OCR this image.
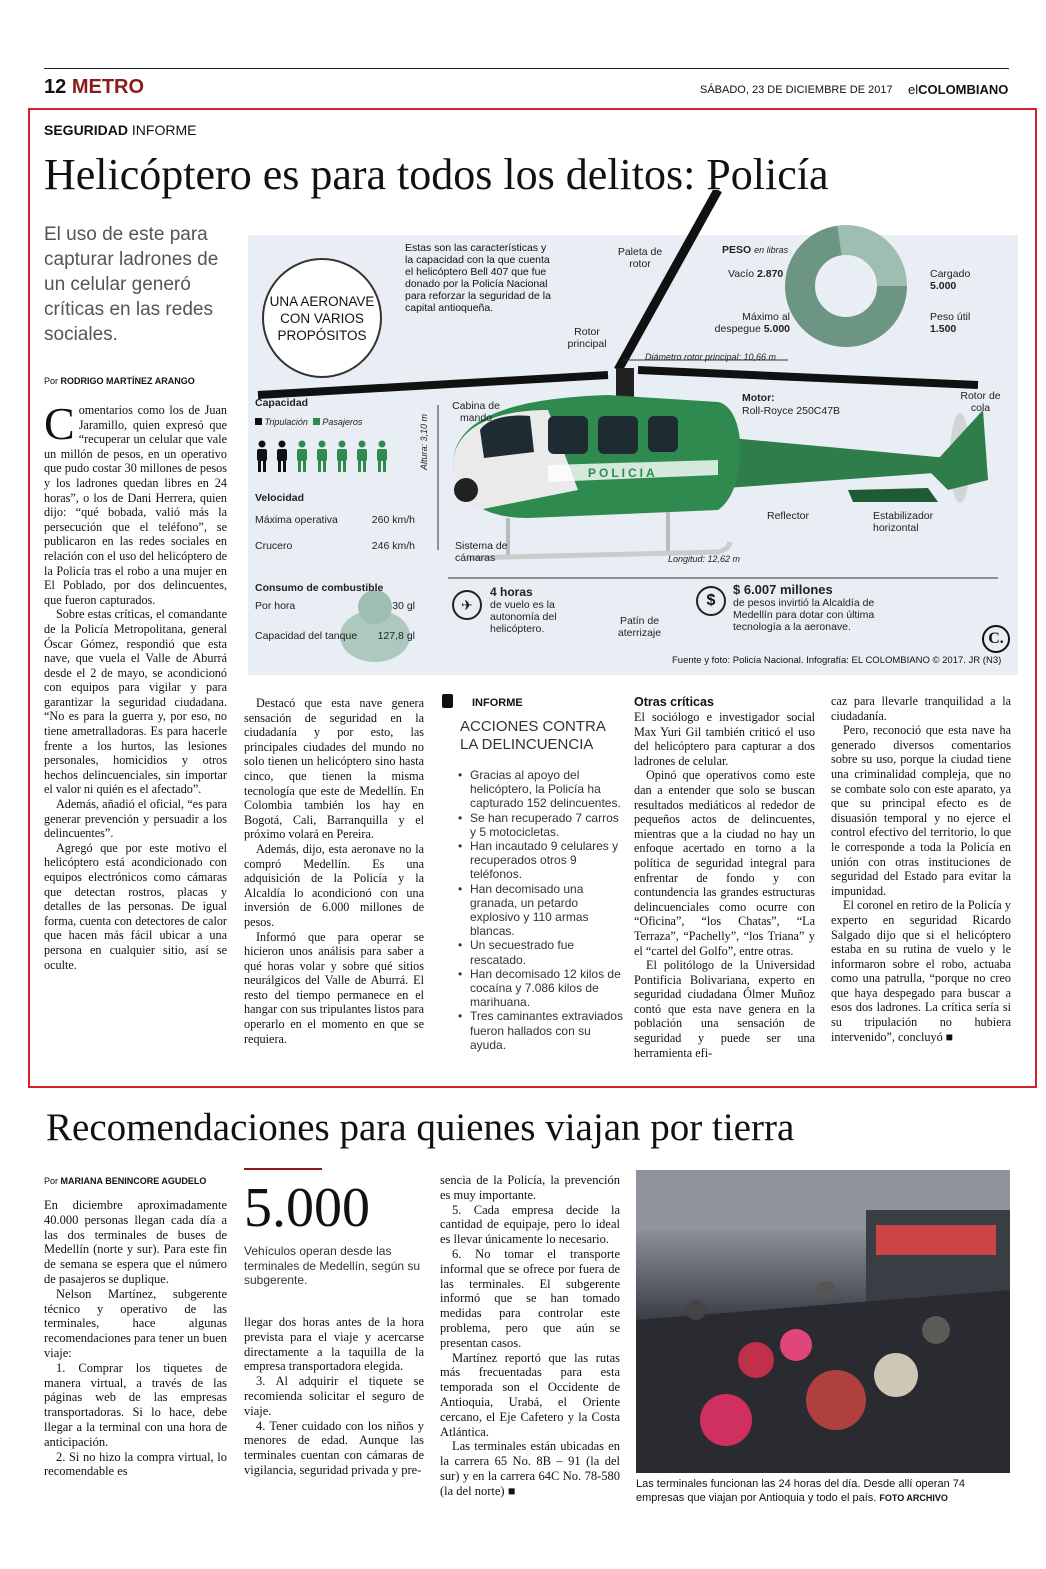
12 METRO	SÁBADO, 23 DE DICIEMBRE DE 2017 elCOLOMBIANO
SEGURIDAD INFORME
Helicóptero es para todos los delitos: Policía
El uso de este para capturar ladrones de un celular generó críticas en las redes sociales.
Por RODRIGO MARTÍNEZ ARANGO
POLICIA
UNA AERONAVE CON VARIOS PROPÓSITOS
Estas son las características y la capacidad con la que cuenta el helicóptero Bell 407 que fue donado por la Policía Nacional para reforzar la seguridad de la capital antioqueña.
Paleta de rotor
Rotor principal
Diámetro rotor principal: 10,66 m
Cabina de mando
Motor:
Roll-Royce 250C47B
Rotor de cola
Reflector	Estabilizador horizontal
Sistema de cámaras	Longitud: 12,62 m
Altura: 3,10 m
Patín de aterrizaje
PESO en libras
Vacío 2.870
Máximo al despegue 5.000
Cargado
5.000
Peso útil
1.500
Capacidad
Tripulación Pasajeros
Velocidad
Máxima operativa	260 km/h
Crucero	246 km/h
Consumo de combustible
Por hora	30 gl
Capacidad del tanque 127,8 gl
✈
4 horas
de vuelo es la autonomía del helicóptero.
$
$ 6.007 millones
de pesos invirtió la Alcaldía de Medellín para dotar con última tecnología a la aeronave.
C.
Fuente y foto: Policía Nacional. Infografía: EL COLOMBIANO © 2017. JR (N3)

Comentarios como los de Juan Jaramillo, quien expresó que “recuperar un celular que vale un millón de pesos, en un operativo que pudo costar 30 millones de pesos y los ladrones quedan libres en 24 horas”, o los de Dani Herrera, quien dijo: “qué bobada, valió más la persecución que el teléfono”, se publicaron en las redes sociales en relación con el uso del helicóptero de la Policía tras el robo a una mujer en El Poblado, por dos delincuentes, que fueron capturados.

Sobre estas críticas, el comandante de la Policía Metropolitana, general Óscar Gómez, respondió que esta nave, que vuela el Valle de Aburrá desde el 2 de mayo, se acondicionó con equipos para vigilar y para garantizar la seguridad ciudadana. “No es para la guerra y, por eso, no tiene ametralladoras. Es para hacerle frente a los hurtos, las lesiones personales, homicidios y otros hechos delincuenciales, sin importar el valor ni quién es el afectado”.

Además, añadió el oficial, “es para generar prevención y persuadir a los delincuentes”.

Agregó que por este motivo el helicóptero está acondicionado con equipos electrónicos como cámaras que detectan rostros, placas y detalles de las personas. De igual forma, cuenta con detectores de calor que hacen más fácil ubicar a una persona en cualquier sitio, así se oculte.

Destacó que esta nave genera sensación de seguridad en la ciudadanía y por esto, las principales ciudades del mundo no solo tienen un helicóptero sino hasta cinco, que tienen la misma tecnología que este de Medellín. En Colombia también los hay en Bogotá, Cali, Barranquilla y el próximo volará en Pereira.

Además, dijo, esta aeronave no la compró Medellín. Es una adquisición de la Policía y la Alcaldía lo acondicionó con una inversión de 6.000 millones de pesos.

Informó que para operar se hicieron unos análisis para saber a qué horas volar y sobre qué sitios neurálgicos del Valle de Aburrá. El resto del tiempo permanece en el hangar con sus tripulantes listos para operarlo en el momento en que se requiera.

INFORME
ACCIONES CONTRA LA DELINCUENCIA
• Gracias al apoyo del helicóptero, la Policía ha capturado 152 delincuentes.
• Se han recuperado 7 carros y 5 motocicletas.
• Han incautado 9 celulares y recuperados otros 9 teléfonos.
• Han decomisado una granada, un petardo explosivo y 110 armas blancas.
• Un secuestrado fue rescatado.
• Han decomisado 12 kilos de cocaína y 7.086 kilos de marihuana.
• Tres caminantes extraviados fueron hallados con su ayuda.
Otras críticas

El sociólogo e investigador social Max Yuri Gil también criticó el uso del helicóptero para capturar a dos ladrones de celular.

Opinó que operativos como este dan a entender que solo se buscan resultados mediáticos al rededor de pequeños actos de delincuentes, mientras que a la ciudad no hay un enfoque acertado en torno a la política de seguridad integral para enfrentar de fondo y con contundencia las grandes estructuras delincuenciales como ocurre con “Oficina”, “los Chatas”, “La Terraza”, “Pachelly”, “los Triana” y el “cartel del Golfo”, entre otras.

El politólogo de la Universidad Pontificia Bolivariana, experto en seguridad ciudadana Ólmer Muñoz contó que esta nave genera en la población una sensación de seguridad y puede ser una herramienta efi-

caz para llevarle tranquilidad a la ciudadanía.

Pero, reconoció que esta nave ha generado diversos comentarios sobre su uso, porque la ciudad tiene una criminalidad compleja, que no se combate solo con este aparato, ya que su principal efecto es de disuasión temporal y no ejerce el control efectivo del territorio, lo que le corresponde a toda la Policía en unión con otras instituciones de seguridad del Estado para evitar la impunidad.

El coronel en retiro de la Policía y experto en seguridad Ricardo Salgado dijo que si el helicóptero estaba en su rutina de vuelo y le informaron sobre el robo, actuaba como una patrulla, “porque no creo que haya despegado para buscar a esos dos ladrones. La crítica sería si su tripulación no hubiera intervenido”, concluyó ■

Recomendaciones para quienes viajan por tierra
Por MARIANA BENINCORE AGUDELO

En diciembre aproximadamente 40.000 personas llegan cada día a las dos terminales de buses de Medellín (norte y sur). Para este fin de semana se espera que el número de pasajeros se duplique.

Nelson Martínez, subgerente técnico y operativo de las terminales, hace algunas recomendaciones para tener un buen viaje:

1. Comprar los tiquetes de manera virtual, a través de las páginas web de las empresas transportadoras. Si lo hace, debe llegar a la terminal con una hora de anticipación.

2. Si no hizo la compra virtual, lo recomendable es

5.000
Vehículos operan desde las terminales de Medellín, según su subgerente.

llegar dos horas antes de la hora prevista para el viaje y acercarse directamente a la taquilla de la empresa transportadora elegida.

3. Al adquirir el tiquete se recomienda solicitar el seguro de viaje.

4. Tener cuidado con los niños y menores de edad. Aunque las terminales cuentan con cámaras de vigilancia, seguridad privada y pre-

sencia de la Policía, la prevención es muy importante.

5. Cada empresa decide la cantidad de equipaje, pero lo ideal es llevar únicamente lo necesario.

6. No tomar el transporte informal que se ofrece por fuera de las terminales. El subgerente informó que se han tomado medidas para controlar este problema, pero que aún se presentan casos.

Martínez reportó que las rutas más frecuentadas para esta temporada son el Occidente de Antioquia, Urabá, el Oriente cercano, el Eje Cafetero y la Costa Atlántica.

Las terminales están ubicadas en la carrera 65 No. 8B – 91 (la del sur) y en la carrera 64C No. 78-580 (la del norte) ■	Las terminales funcionan las 24 horas del día. Desde allí operan 74 empresas que viajan por Antioquia y todo el país. FOTO ARCHIVO
